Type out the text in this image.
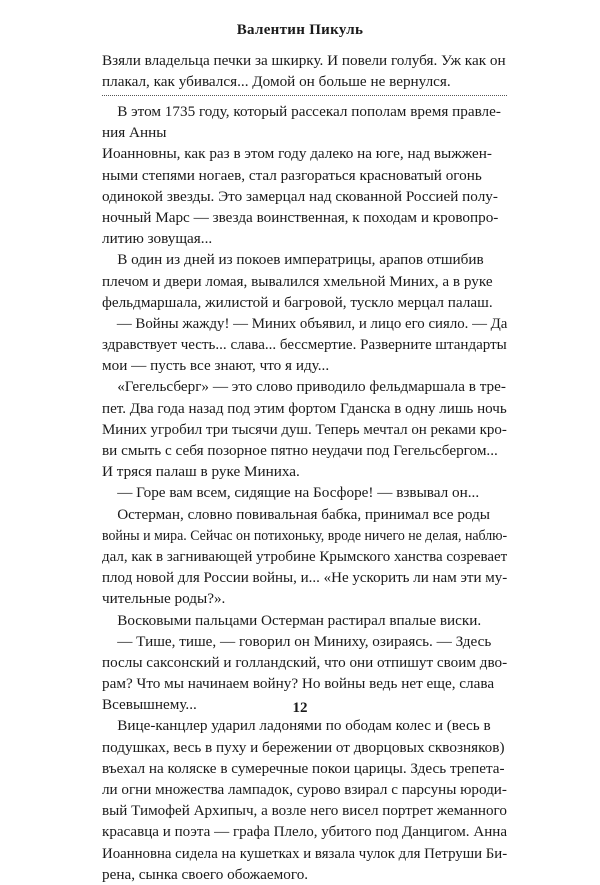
Валентин Пикуль
Взяли владельца печки за шкирку. И повели голубя. Уж как он
плакал, как убивался... Домой он больше не вернулся.
В этом 1735 году, который рассекал пополам время правле-
ния Анны
Иоанновны, как раз в этом году далеко на юге, над выжжен-
ными степями ногаев, стал разгораться красноватый огонь
одинокой звезды. Это замерцал над скованной Россией полу-
ночный Марс — звезда воинственная, к походам и кровопро-
литию зовущая...
В один из дней из покоев императрицы, арапов отшибив
плечом и двери ломая, вывалился хмельной Миних, а в руке
фельдмаршала, жилистой и багровой, тускло мерцал палаш.
— Войны жажду! — Миних объявил, и лицо его сияло. — Да
здравствует честь... слава... бессмертие. Разверните штандарты
мои — пусть все знают, что я иду...
«Гегельсберг» — это слово приводило фельдмаршала в тре-
пет. Два года назад под этим фортом Гданска в одну лишь ночь
Миних угробил три тысячи душ. Теперь мечтал он реками кро-
ви смыть с себя позорное пятно неудачи под Гегельсбергом...
И тряся палаш в руке Миниха.
— Горе вам всем, сидящие на Босфоре! — взвывал он...
Остерман, словно повивальная бабка, принимал все роды
войны и мира. Сейчас он потихоньку, вроде ничего не делая, наблю-
дал, как в загнивающей утробине Крымского ханства созревает
плод новой для России войны, и... «Не ускорить ли нам эти му-
чительные роды?».
Восковыми пальцами Остерман растирал впалые виски.
— Тише, тише, — говорил он Миниху, озираясь. — Здесь
послы саксонский и голландский, что они отпишут своим дво-
рам? Что мы начинаем войну? Но войны ведь нет еще, слава
Всевышнему...
Вице-канцлер ударил ладонями по ободам колес и (весь в
подушках, весь в пуху и бережении от дворцовых сквозняков)
въехал на коляске в сумеречные покои царицы. Здесь трепета-
ли огни множества лампадок, сурово взирал с парсуны юроди-
вый Тимофей Архипыч, а возле него висел портрет жеманного
красавца и поэта — графа Плело, убитого под Данцигом. Анна
Иоанновна сидела на кушетках и вязала чулок для Петруши Би-
рена, сынка своего обожаемого.
12
